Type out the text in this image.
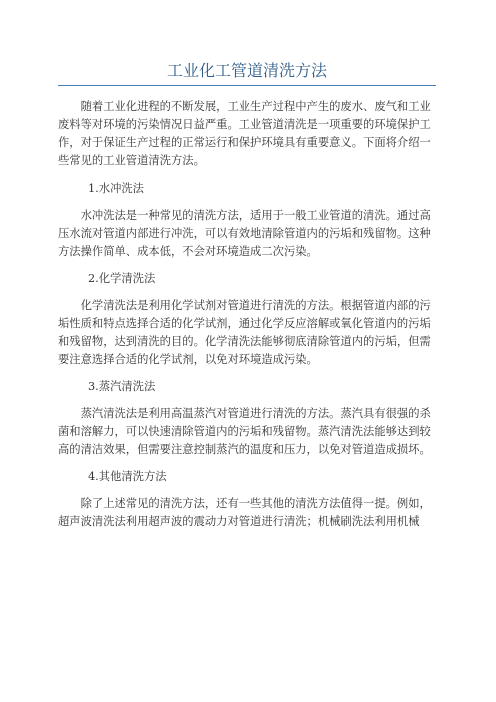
工业化工管道清洗方法

随着工业化进程的不断发展，工业生产过程中产生的废水、废气和工业废料等对环境的污染情况日益严重。工业管道清洗是一项重要的环境保护工作，对于保证生产过程的正常运行和保护环境具有重要意义。下面将介绍一些常见的工业管道清洗方法。

1.水冲洗法

水冲洗法是一种常见的清洗方法，适用于一般工业管道的清洗。通过高压水流对管道内部进行冲洗，可以有效地清除管道内的污垢和残留物。这种方法操作简单、成本低，不会对环境造成二次污染。

2.化学清洗法

化学清洗法是利用化学试剂对管道进行清洗的方法。根据管道内部的污垢性质和特点选择合适的化学试剂，通过化学反应溶解或氧化管道内的污垢和残留物，达到清洗的目的。化学清洗法能够彻底清除管道内的污垢，但需要注意选择合适的化学试剂，以免对环境造成污染。

3.蒸汽清洗法

蒸汽清洗法是利用高温蒸汽对管道进行清洗的方法。蒸汽具有很强的杀菌和溶解力，可以快速清除管道内的污垢和残留物。蒸汽清洗法能够达到较高的清洁效果，但需要注意控制蒸汽的温度和压力，以免对管道造成损坏。

4.其他清洗方法

除了上述常见的清洗方法，还有一些其他的清洗方法值得一提。例如，超声波清洗法利用超声波的震动力对管道进行清洗；机械刷洗法利用机械
